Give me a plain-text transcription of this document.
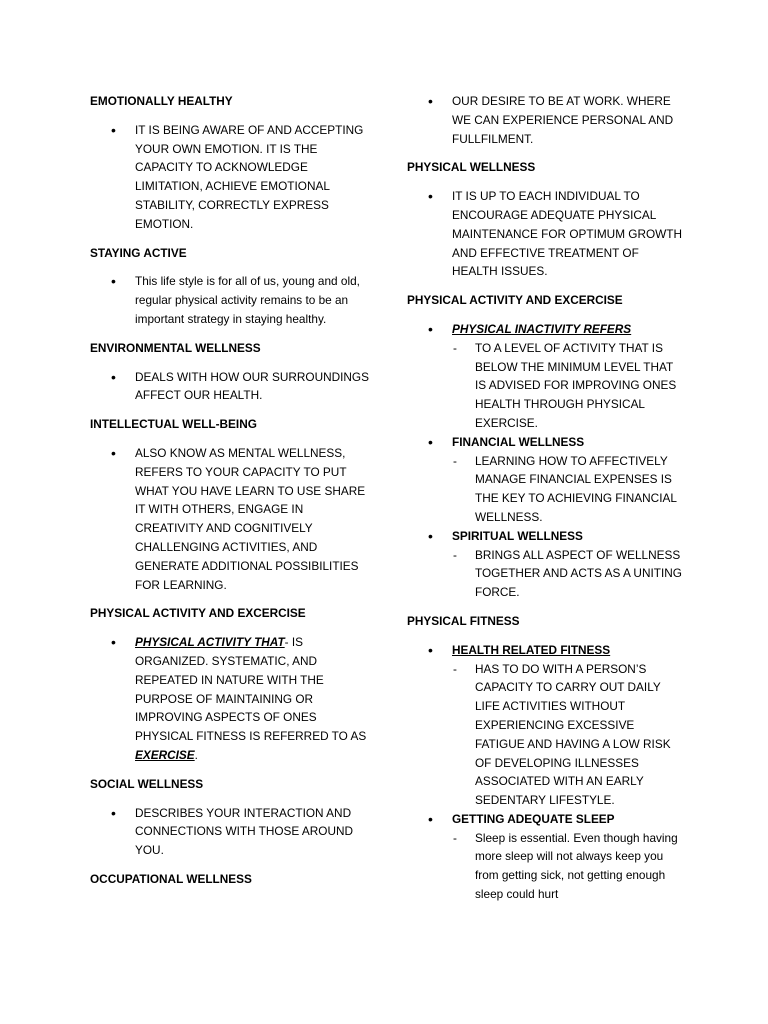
EMOTIONALLY HEALTHY
• IT IS BEING AWARE OF AND ACCEPTING YOUR OWN EMOTION. IT IS THE CAPACITY TO ACKNOWLEDGE LIMITATION, ACHIEVE EMOTIONAL STABILITY, CORRECTLY EXPRESS EMOTION.
STAYING ACTIVE
• This life style is for all of us, young and old, regular physical activity remains to be an important strategy in staying healthy.
ENVIRONMENTAL WELLNESS
• DEALS WITH HOW OUR SURROUNDINGS AFFECT OUR HEALTH.
INTELLECTUAL WELL-BEING
• ALSO KNOW AS MENTAL WELLNESS, REFERS TO YOUR CAPACITY TO PUT WHAT YOU HAVE LEARN TO USE SHARE IT WITH OTHERS, ENGAGE IN CREATIVITY AND COGNITIVELY CHALLENGING ACTIVITIES, AND GENERATE ADDITIONAL POSSIBILITIES FOR LEARNING.
PHYSICAL ACTIVITY AND EXCERCISE
• PHYSICAL ACTIVITY THAT- IS ORGANIZED. SYSTEMATIC, AND REPEATED IN NATURE WITH THE PURPOSE OF MAINTAINING OR IMPROVING ASPECTS OF ONES PHYSICAL FITNESS IS REFERRED TO AS EXERCISE.
SOCIAL WELLNESS
• DESCRIBES YOUR INTERACTION AND CONNECTIONS WITH THOSE AROUND YOU.
OCCUPATIONAL WELLNESS
• OUR DESIRE TO BE AT WORK. WHERE WE CAN EXPERIENCE PERSONAL AND FULLFILMENT.
PHYSICAL WELLNESS
• IT IS UP TO EACH INDIVIDUAL TO ENCOURAGE ADEQUATE PHYSICAL MAINTENANCE FOR OPTIMUM GROWTH AND EFFECTIVE TREATMENT OF HEALTH ISSUES.
PHYSICAL ACTIVITY AND EXCERCISE
• PHYSICAL INACTIVITY REFERS
- TO A LEVEL OF ACTIVITY THAT IS BELOW THE MINIMUM LEVEL THAT IS ADVISED FOR IMPROVING ONES HEALTH THROUGH PHYSICAL EXERCISE.
• FINANCIAL WELLNESS
- LEARNING HOW TO AFFECTIVELY MANAGE FINANCIAL EXPENSES IS THE KEY TO ACHIEVING FINANCIAL WELLNESS.
• SPIRITUAL WELLNESS
- BRINGS ALL ASPECT OF WELLNESS TOGETHER AND ACTS AS A UNITING FORCE.
PHYSICAL FITNESS
• HEALTH RELATED FITNESS
- HAS TO DO WITH A PERSON’S CAPACITY TO CARRY OUT DAILY LIFE ACTIVITIES WITHOUT EXPERIENCING EXCESSIVE FATIGUE AND HAVING A LOW RISK OF DEVELOPING ILLNESSES ASSOCIATED WITH AN EARLY SEDENTARY LIFESTYLE.
• GETTING ADEQUATE SLEEP
- Sleep is essential. Even though having more sleep will not always keep you from getting sick, not getting enough sleep could hurt
